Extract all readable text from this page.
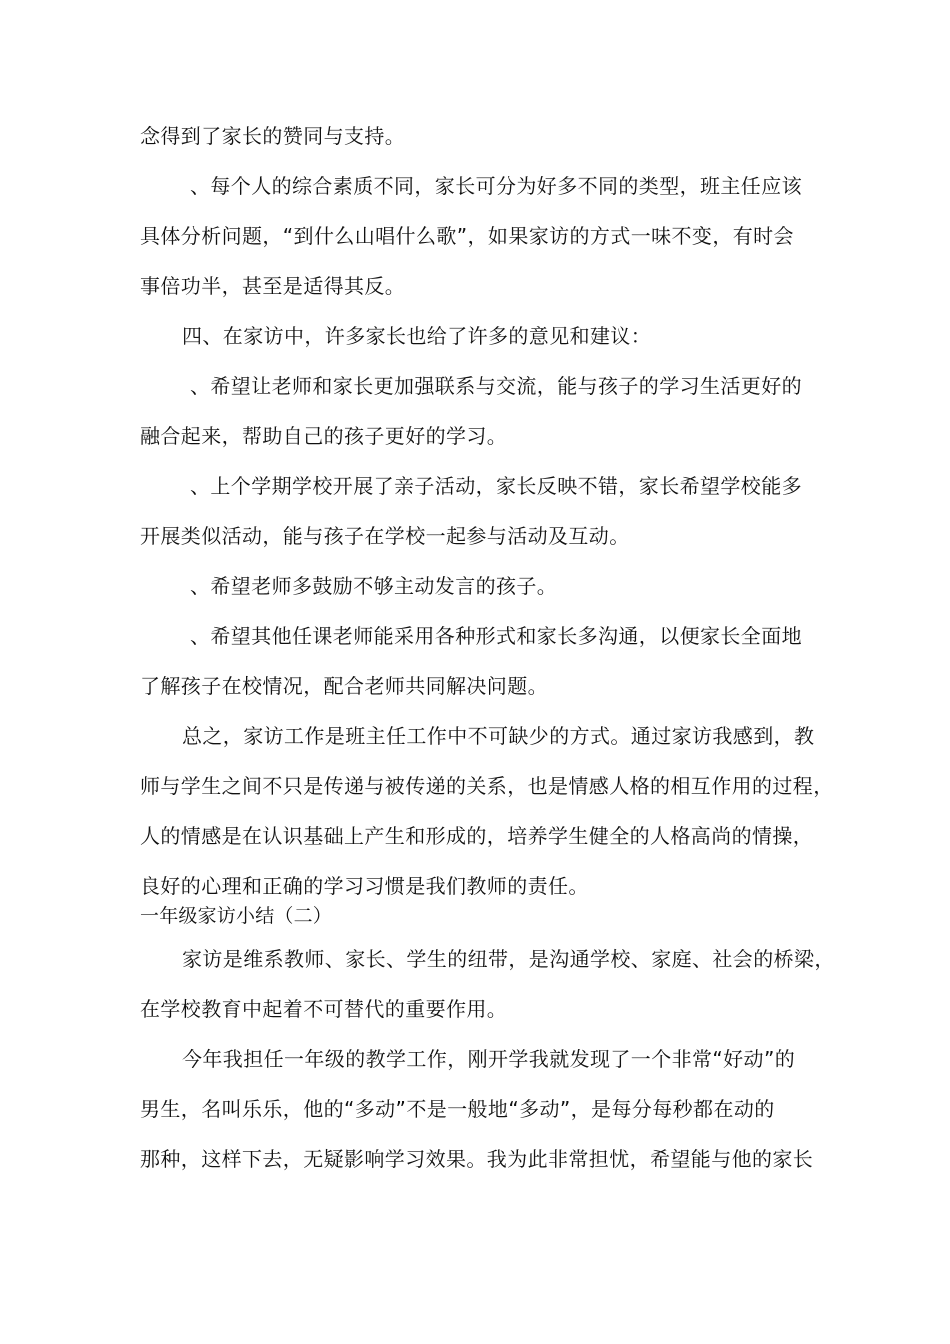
念得到了家长的赞同与支持。
、每个人的综合素质不同，家长可分为好多不同的类型，班主任应该
具体分析问题，“到什么山唱什么歌”，如果家访的方式一味不变，有时会
事倍功半，甚至是适得其反。
四、在家访中，许多家长也给了许多的意见和建议：
、希望让老师和家长更加强联系与交流，能与孩子的学习生活更好的
融合起来，帮助自己的孩子更好的学习。
、上个学期学校开展了亲子活动，家长反映不错，家长希望学校能多
开展类似活动，能与孩子在学校一起参与活动及互动。
、希望老师多鼓励不够主动发言的孩子。
、希望其他任课老师能采用各种形式和家长多沟通，以便家长全面地
了解孩子在校情况，配合老师共同解决问题。
总之，家访工作是班主任工作中不可缺少的方式。通过家访我感到，教
师与学生之间不只是传递与被传递的关系，也是情感人格的相互作用的过程，
人的情感是在认识基础上产生和形成的，培养学生健全的人格高尚的情操，
良好的心理和正确的学习习惯是我们教师的责任。
一年级家访小结（二）
家访是维系教师、家长、学生的纽带，是沟通学校、家庭、社会的桥梁，
在学校教育中起着不可替代的重要作用。
今年我担任一年级的教学工作，刚开学我就发现了一个非常“好动”的
男生，名叫乐乐，他的“多动”不是一般地“多动”，是每分每秒都在动的
那种，这样下去，无疑影响学习效果。我为此非常担忧，希望能与他的家长
